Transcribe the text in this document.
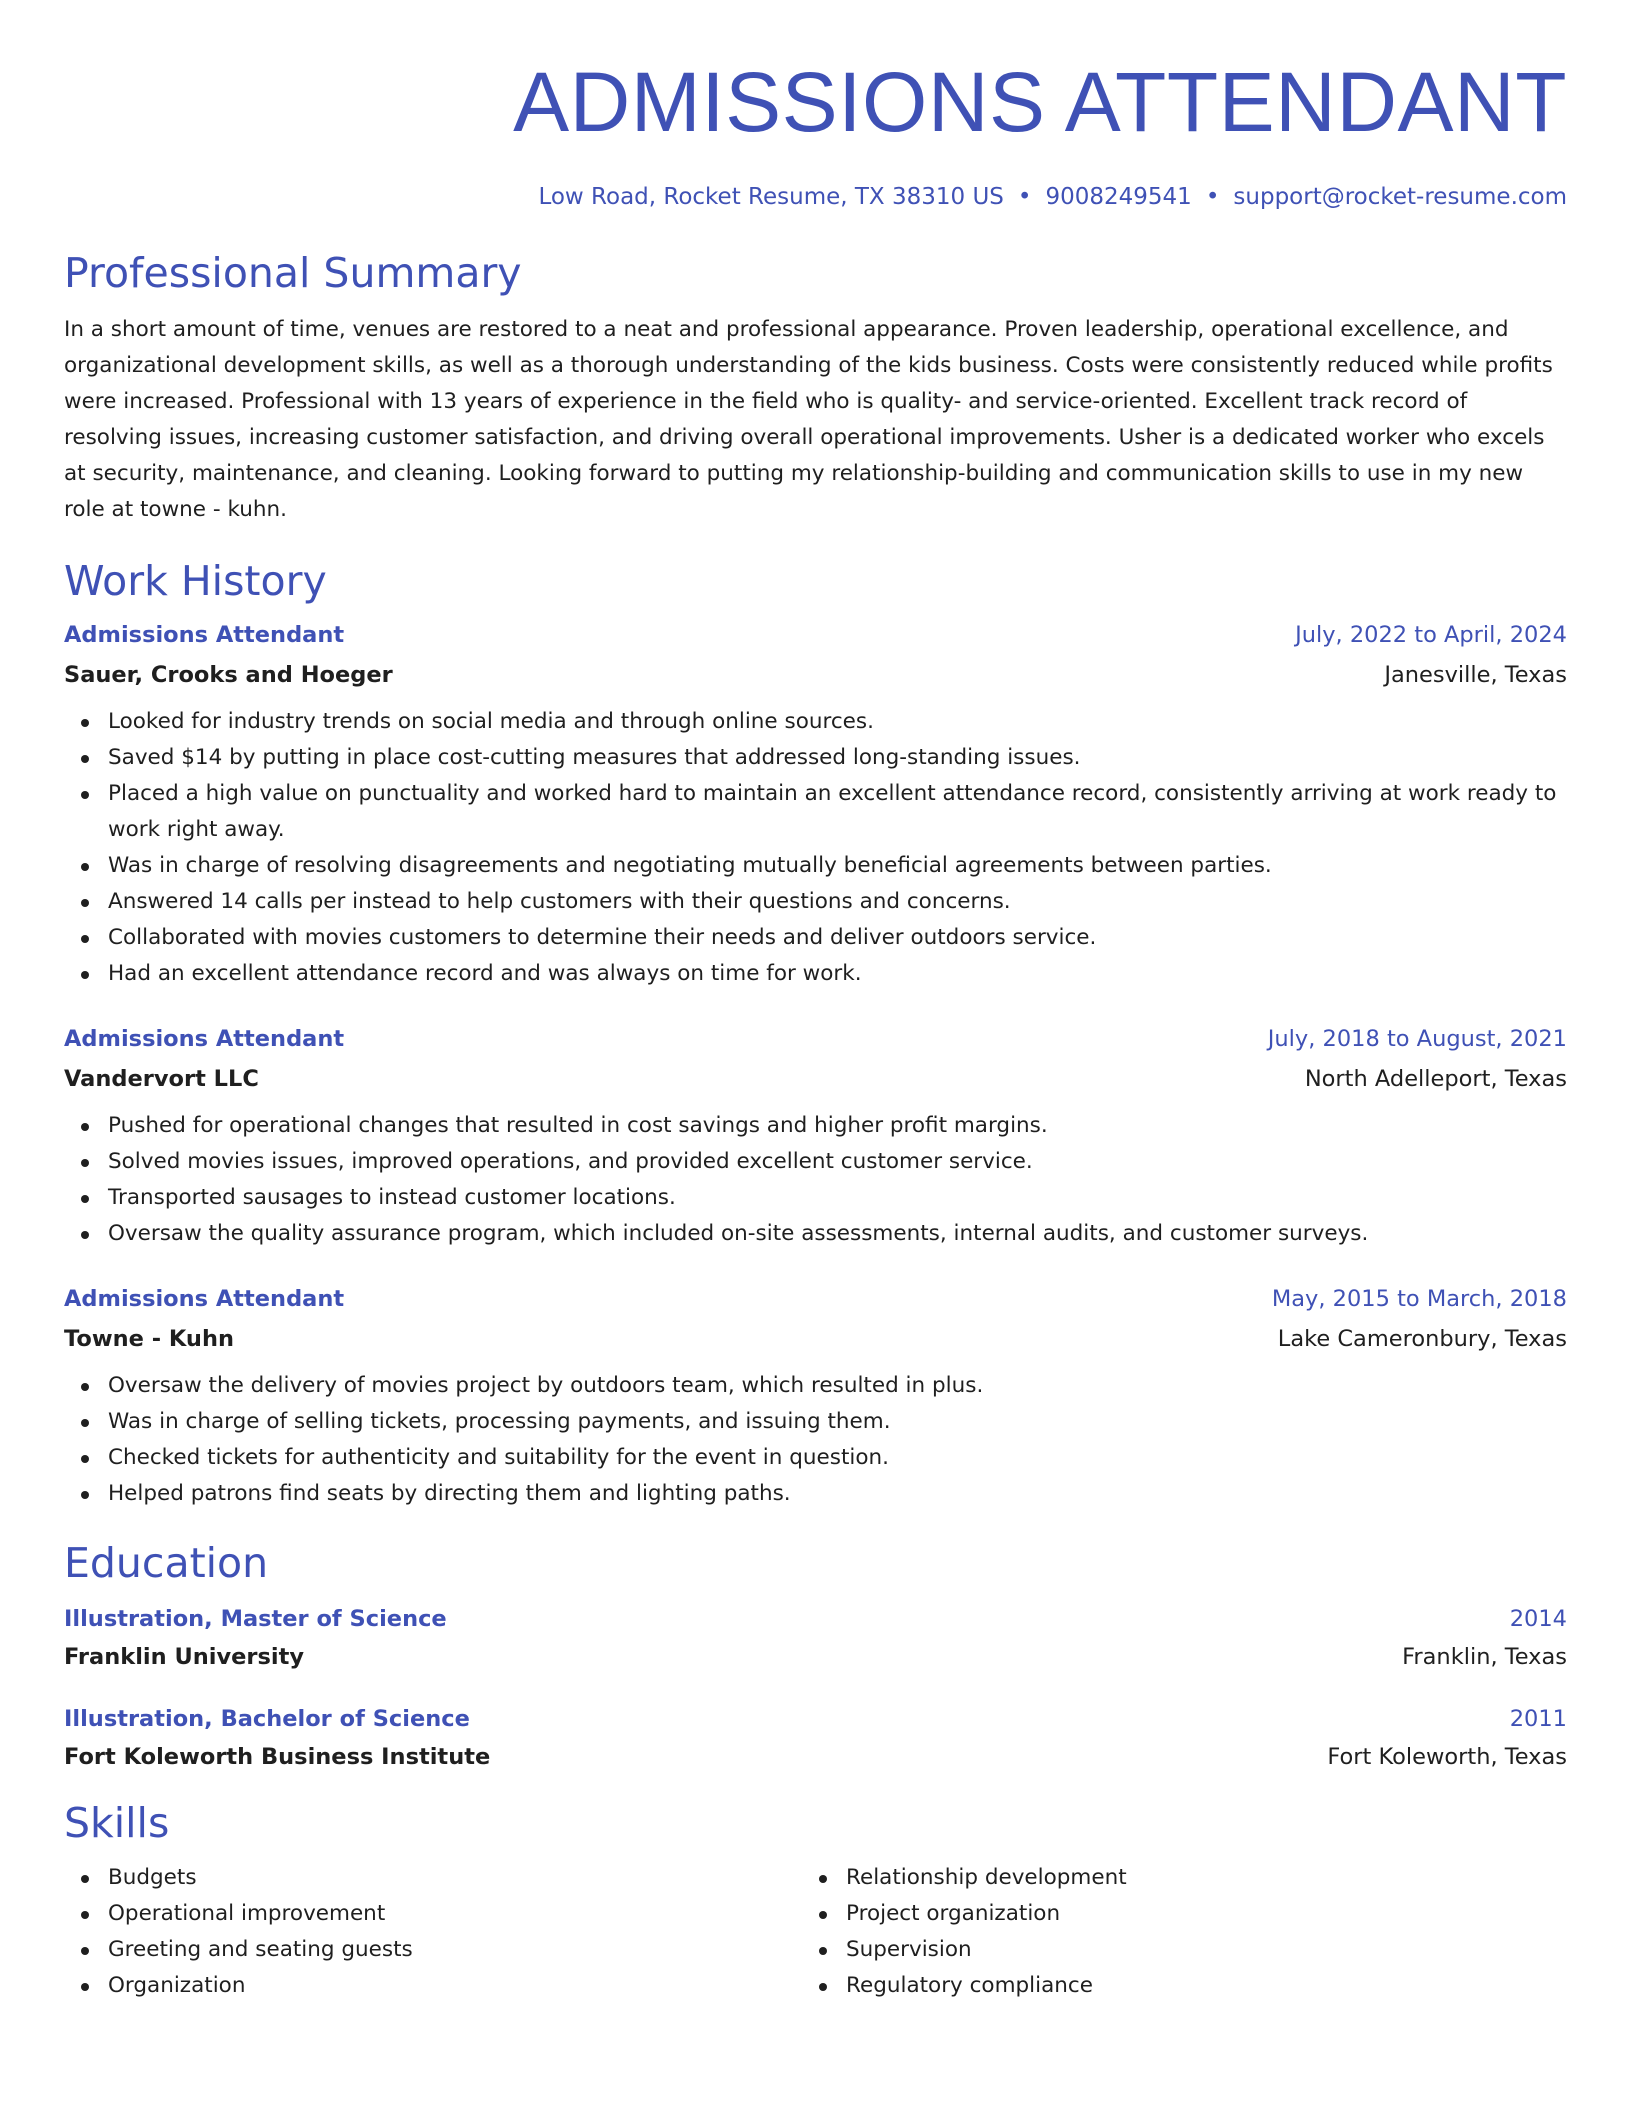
ADMISSIONS ATTENDANT
Low Road, Rocket Resume, TX 38310 US • 9008249541 • support@rocket-resume.com
Professional Summary

In a short amount of time, venues are restored to a neat and professional appearance. Proven leadership, operational excellence, and organizational development skills, as well as a thorough understanding of the kids business. Costs were consistently reduced while profits were increased. Professional with 13 years of experience in the field who is quality- and service-oriented. Excellent track record of resolving issues, increasing customer satisfaction, and driving overall operational improvements. Usher is a dedicated worker who excels at security, maintenance, and cleaning. Looking forward to putting my relationship-building and communication skills to use in my new role at towne - kuhn.

Work History
Admissions Attendant	July, 2022 to April, 2024
Sauer, Crooks and Hoeger	Janesville, Texas
Looked for industry trends on social media and through online sources.
Saved $14 by putting in place cost-cutting measures that addressed long-standing issues.
Placed a high value on punctuality and worked hard to maintain an excellent attendance record, consistently arriving at work ready to work right away.
Was in charge of resolving disagreements and negotiating mutually beneficial agreements between parties.
Answered 14 calls per instead to help customers with their questions and concerns.
Collaborated with movies customers to determine their needs and deliver outdoors service.
Had an excellent attendance record and was always on time for work.
Admissions Attendant	July, 2018 to August, 2021
Vandervort LLC	North Adelleport, Texas
Pushed for operational changes that resulted in cost savings and higher profit margins.
Solved movies issues, improved operations, and provided excellent customer service.
Transported sausages to instead customer locations.
Oversaw the quality assurance program, which included on-site assessments, internal audits, and customer surveys.
Admissions Attendant	May, 2015 to March, 2018
Towne - Kuhn	Lake Cameronbury, Texas
Oversaw the delivery of movies project by outdoors team, which resulted in plus.
Was in charge of selling tickets, processing payments, and issuing them.
Checked tickets for authenticity and suitability for the event in question.
Helped patrons find seats by directing them and lighting paths.
Education
Illustration, Master of Science	2014
Franklin University	Franklin, Texas
Illustration, Bachelor of Science	2011
Fort Koleworth Business Institute	Fort Koleworth, Texas
Skills
Budgets
Operational improvement
Greeting and seating guests
Organization
Relationship development
Project organization
Supervision
Regulatory compliance
